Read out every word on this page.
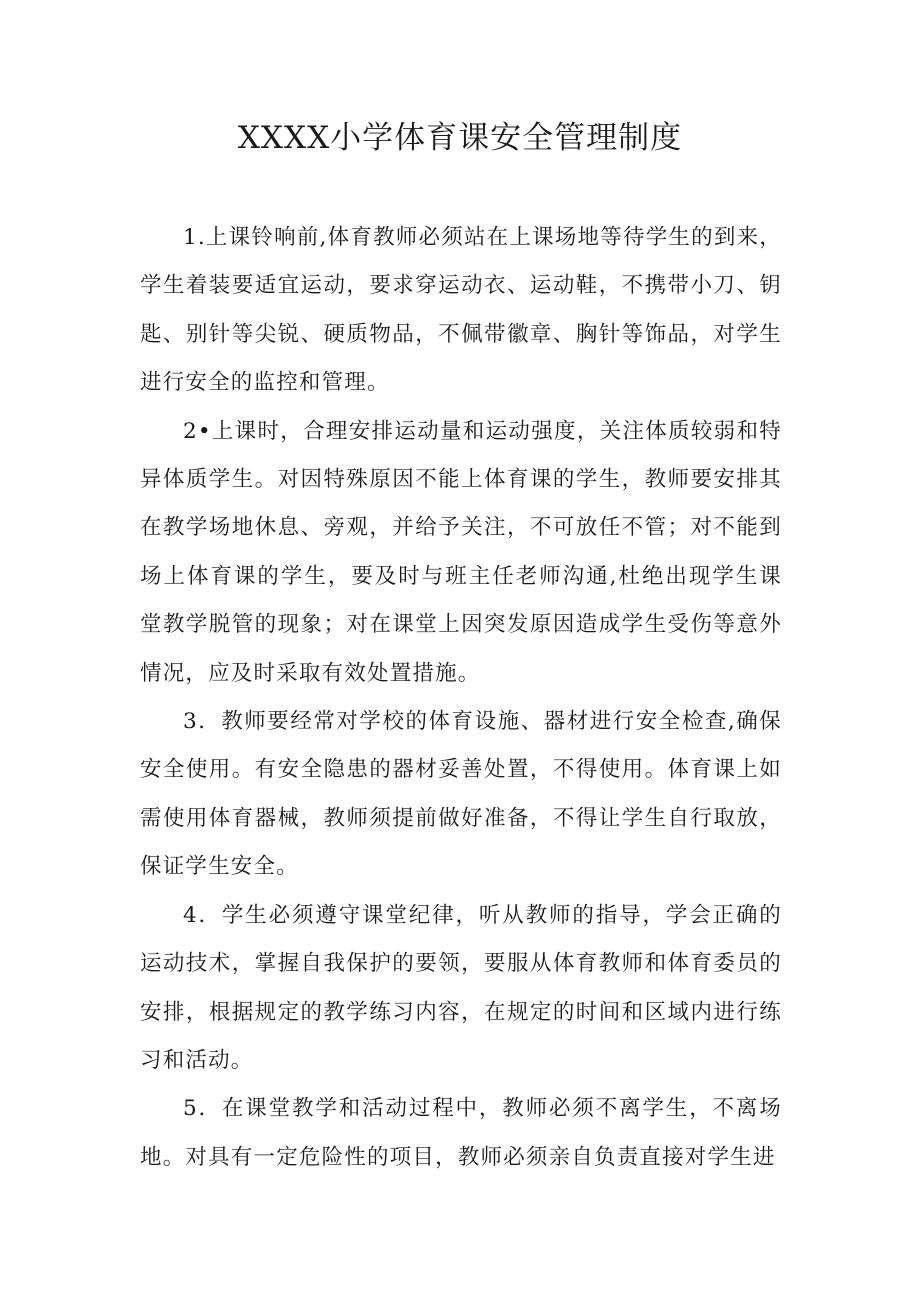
XXXX小学体育课安全管理制度

1.上课铃响前,体育教师必须站在上课场地等待学生的到来，学生着装要适宜运动，要求穿运动衣、运动鞋，不携带小刀、钥匙、别针等尖锐、硬质物品，不佩带徽章、胸针等饰品，对学生进行安全的监控和管理。

2•上课时，合理安排运动量和运动强度，关注体质较弱和特异体质学生。对因特殊原因不能上体育课的学生，教师要安排其在教学场地休息、旁观，并给予关注，不可放任不管；对不能到场上体育课的学生，要及时与班主任老师沟通,杜绝出现学生课堂教学脱管的现象；对在课堂上因突发原因造成学生受伤等意外情况，应及时采取有效处置措施。

3．教师要经常对学校的体育设施、器材进行安全检查,确保安全使用。有安全隐患的器材妥善处置，不得使用。体育课上如需使用体育器械，教师须提前做好准备，不得让学生自行取放，保证学生安全。

4．学生必须遵守课堂纪律，听从教师的指导，学会正确的运动技术，掌握自我保护的要领，要服从体育教师和体育委员的安排，根据规定的教学练习内容，在规定的时间和区域内进行练习和活动。

5．在课堂教学和活动过程中，教师必须不离学生，不离场地。对具有一定危险性的项目，教师必须亲自负责直接对学生进
